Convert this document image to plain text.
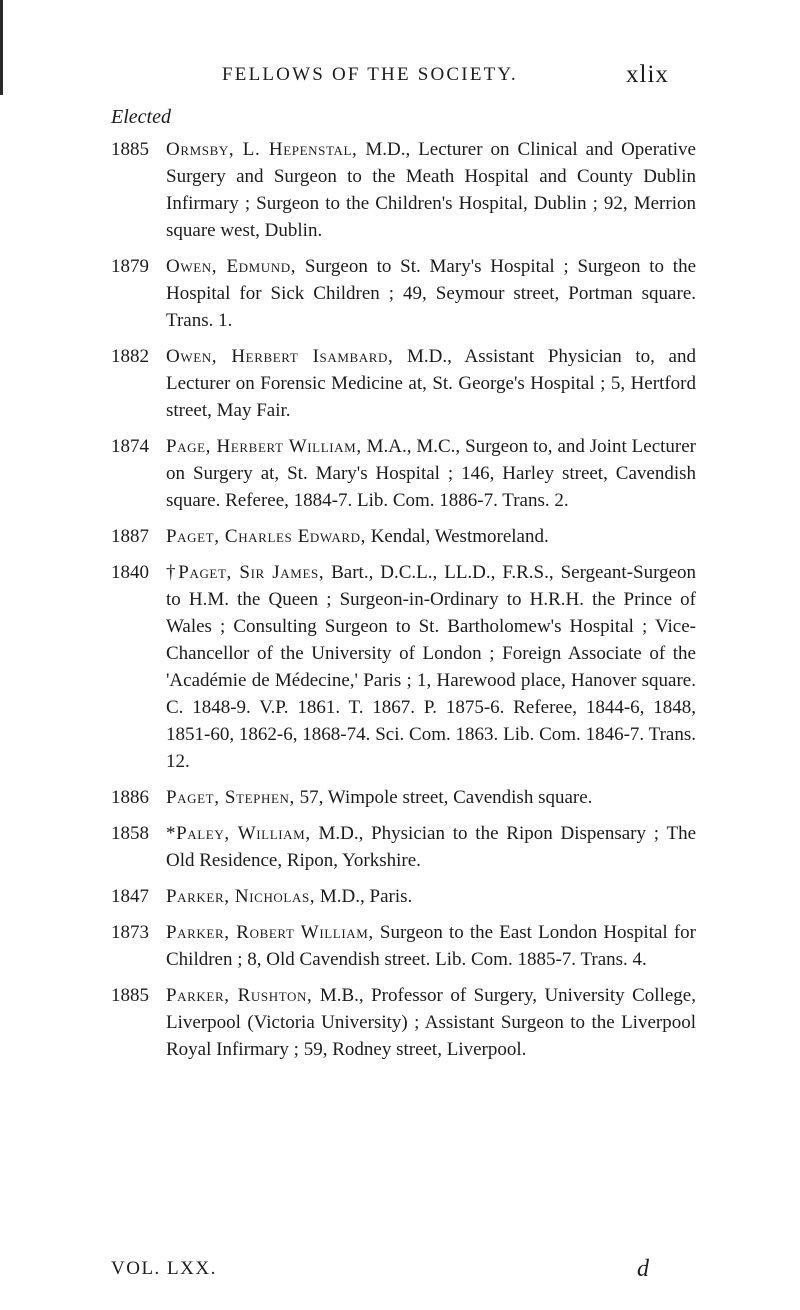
FELLOWS OF THE SOCIETY.	xlix
Elected
1885 Ormsby, L. Hepenstal, M.D., Lecturer on Clinical and Operative Surgery and Surgeon to the Meath Hospital and County Dublin Infirmary ; Surgeon to the Children's Hospital, Dublin ; 92, Merrion square west, Dublin.
1879 Owen, Edmund, Surgeon to St. Mary's Hospital ; Surgeon to the Hospital for Sick Children ; 49, Seymour street, Portman square. Trans. 1.
1882 Owen, Herbert Isambard, M.D., Assistant Physician to, and Lecturer on Forensic Medicine at, St. George's Hospital ; 5, Hertford street, May Fair.
1874 Page, Herbert William, M.A., M.C., Surgeon to, and Joint Lecturer on Surgery at, St. Mary's Hospital ; 146, Harley street, Cavendish square. Referee, 1884-7. Lib. Com. 1886-7. Trans. 2.
1887 Paget, Charles Edward, Kendal, Westmoreland.
1840 †Paget, Sir James, Bart., D.C.L., LL.D., F.R.S., Sergeant-Surgeon to H.M. the Queen ; Surgeon-in-Ordinary to H.R.H. the Prince of Wales ; Consulting Surgeon to St. Bartholomew's Hospital ; Vice-Chancellor of the University of London ; Foreign Associate of the 'Académie de Médecine,' Paris ; 1, Harewood place, Hanover square. C. 1848-9. V.P. 1861. T. 1867. P. 1875-6. Referee, 1844-6, 1848, 1851-60, 1862-6, 1868-74. Sci. Com. 1863. Lib. Com. 1846-7. Trans. 12.
1886 Paget, Stephen, 57, Wimpole street, Cavendish square.
1858 *Paley, William, M.D., Physician to the Ripon Dispensary ; The Old Residence, Ripon, Yorkshire.
1847 Parker, Nicholas, M.D., Paris.
1873 Parker, Robert William, Surgeon to the East London Hospital for Children ; 8, Old Cavendish street. Lib. Com. 1885-7. Trans. 4.
1885 Parker, Rushton, M.B., Professor of Surgery, University College, Liverpool (Victoria University) ; Assistant Surgeon to the Liverpool Royal Infirmary ; 59, Rodney street, Liverpool.
VOL. LXX.	d
